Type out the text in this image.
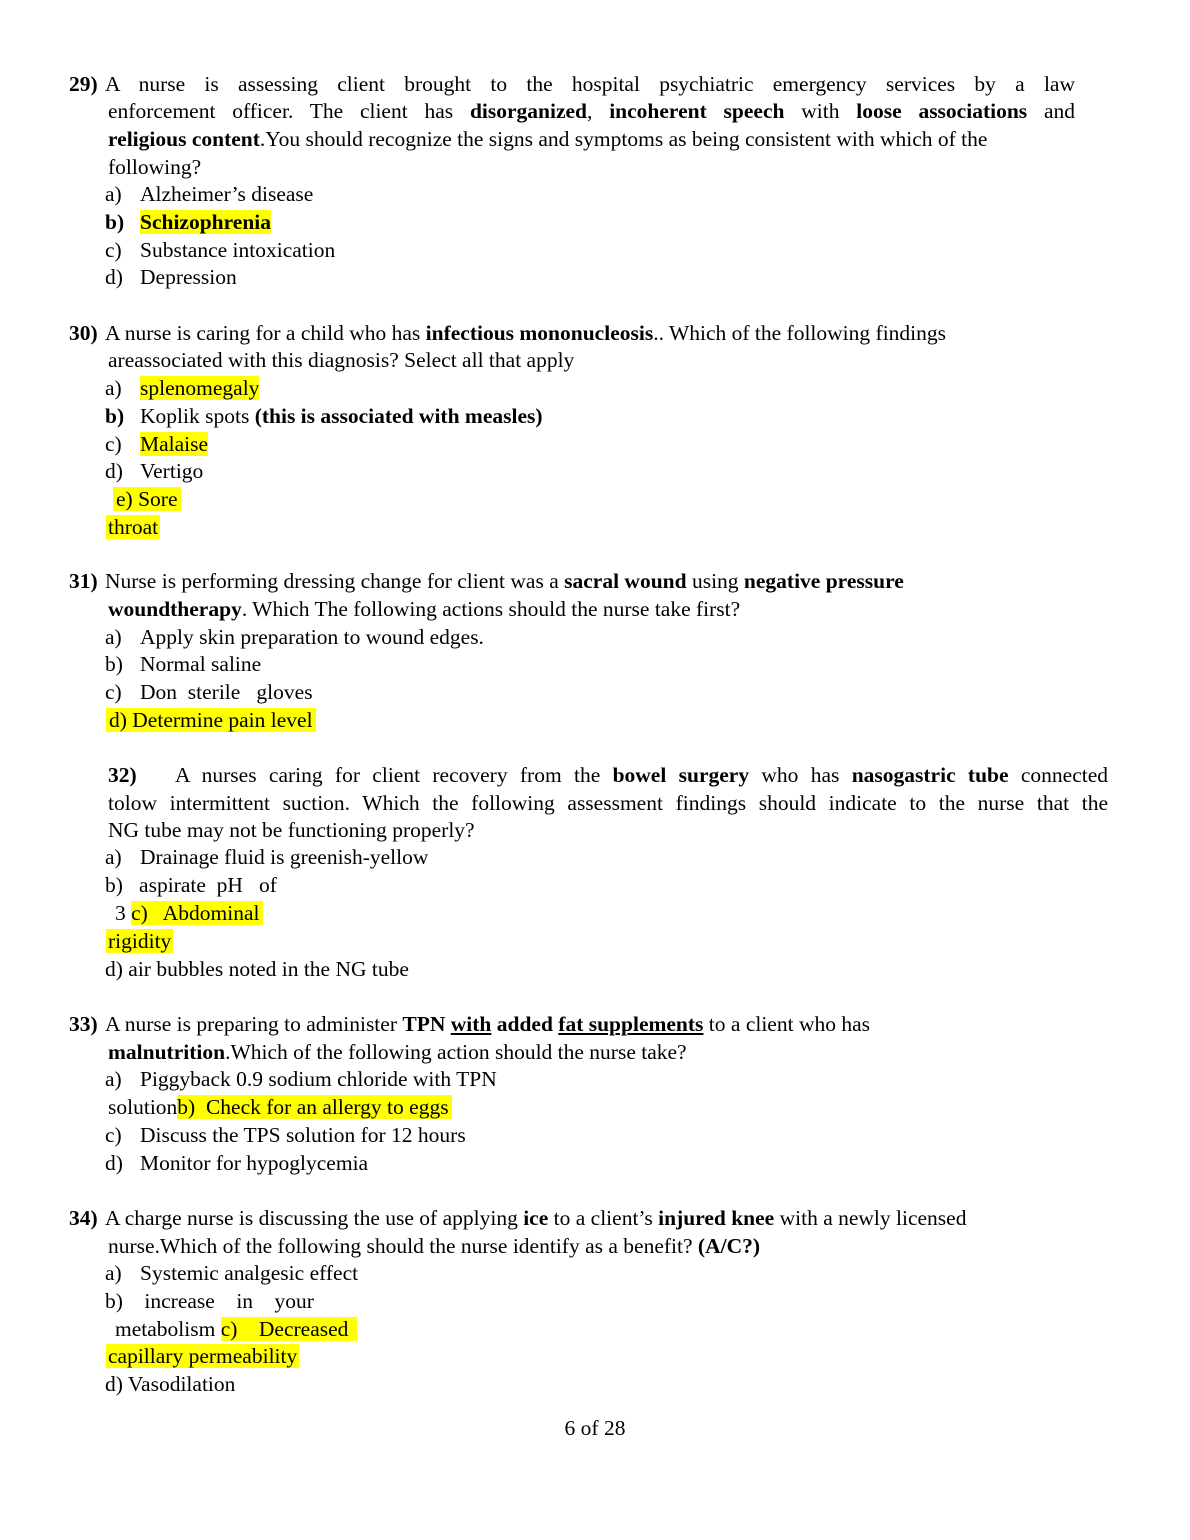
29) A nurse is assessing client brought to the hospital psychiatric emergency services by a law
enforcement officer. The client has disorganized, incoherent speech with loose associations and
religious content.You should recognize the signs and symptoms as being consistent with which of the
following?
a) Alzheimer’s disease
b) Schizophrenia
c) Substance intoxication
d) Depression
30) A nurse is caring for a child who has infectious mononucleosis.. Which of the following findings
areassociated with this diagnosis? Select all that apply
a) splenomegaly
b) Koplik spots (this is associated with measles)
c) Malaise
d) Vertigo
e) Sore
throat
31) Nurse is performing dressing change for client was a sacral wound using negative pressure
woundtherapy. Which The following actions should the nurse take first?
a) Apply skin preparation to wound edges.
b) Normal saline
c) Don  sterile   gloves
d) Determine pain level
32) A nurses caring for client recovery from the bowel surgery who has nasogastric tube connected
tolow intermittent suction. Which the following assessment findings should indicate to the nurse that the
NG tube may not be functioning properly?
a) Drainage fluid is greenish-yellow
b)   aspirate  pH   of
3 c)   Abdominal
rigidity
d) air bubbles noted in the NG tube
33) A nurse is preparing to administer TPN with added fat supplements to a client who has
malnutrition.Which of the following action should the nurse take?
a) Piggyback 0.9 sodium chloride with TPN
solutionb)  Check for an allergy to eggs
c) Discuss the TPS solution for 12 hours
d) Monitor for hypoglycemia
34) A charge nurse is discussing the use of applying ice to a client’s injured knee with a newly licensed
nurse.Which of the following should the nurse identify as a benefit? (A/C?)
a) Systemic analgesic effect
b)    increase    in    your
metabolism c)    Decreased
capillary permeability
d) Vasodilation
6 of 28
